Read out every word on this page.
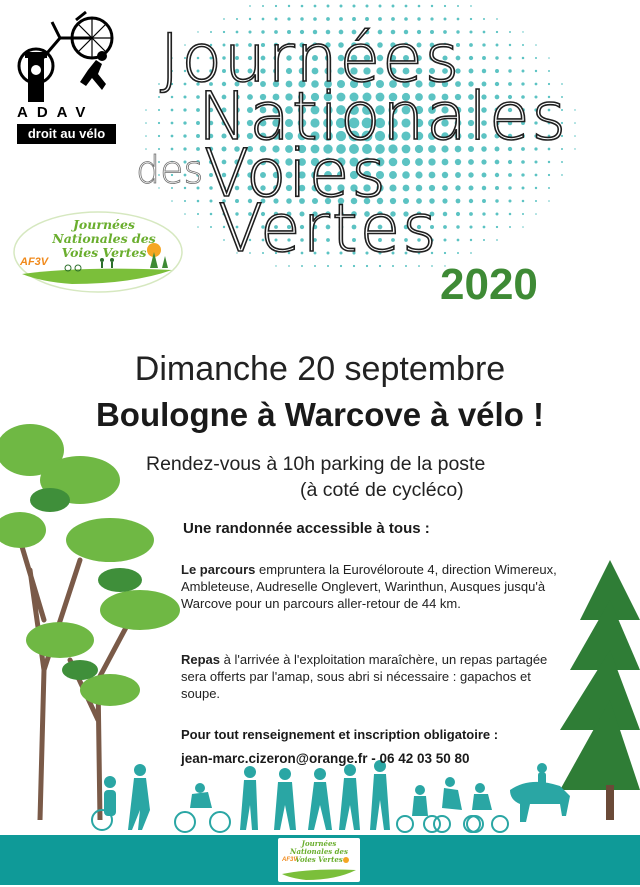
ADAV
droit au vélo
Journées
Nationales
des Voies
Vertes
2020
Journées Nationales des Voies Vertes
AF3V
Dimanche 20 septembre
Boulogne à Warcove à vélo !
Rendez-vous à 10h parking de la poste
(à coté de cycléco)
Une randonnée accessible à tous :
Le parcours empruntera la Eurovéloroute 4, direction Wimereux, Ambleteuse, Audreselle Onglevert, Warinthun, Ausques jusqu'à Warcove pour un parcours aller-retour de 44 km.
Repas à l'arrivée à l'exploitation maraîchère, un repas partagée sera offerts par l'amap, sous abri si nécessaire : gapachos et soupe.
Pour tout renseignement et inscription obligatoire :
jean-marc.cizeron@orange.fr - 06 42 03 50 80
Journées Nationales des Voies Vertes
AF3V
